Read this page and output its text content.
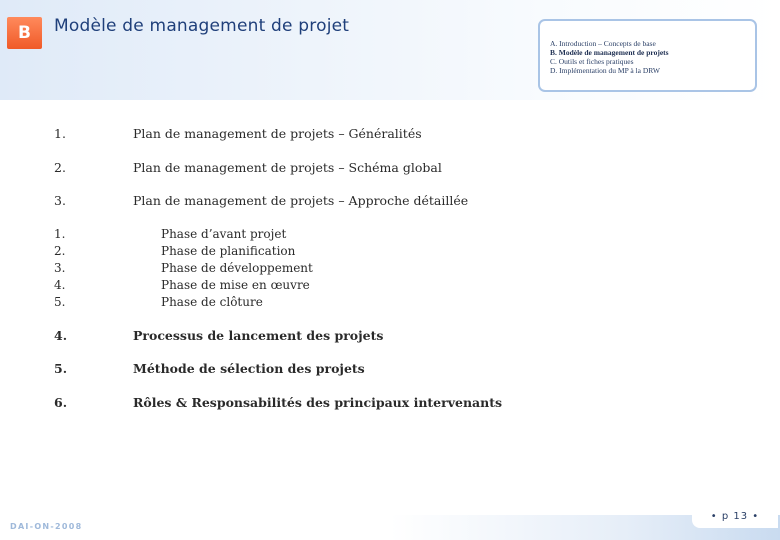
B	Modèle de management de projet
A. Introduction – Concepts de base
B. Modèle de management de projets
C. Outils et fiches pratiques
D. Implémentation du MP à la DRW
1.	Plan de management de projets – Généralités
2.	Plan de management de projets – Schéma global
3.	Plan de management de projets – Approche détaillée
1.	Phase d’avant projet
2.	Phase de planification
3.	Phase de développement
4.	Phase de mise en œuvre
5.	Phase de clôture
4.	Processus de lancement des projets
5.	Méthode de sélection des projets
6.	Rôles & Responsabilités des principaux intervenants
DAI-ON-2008
• p 13 •
